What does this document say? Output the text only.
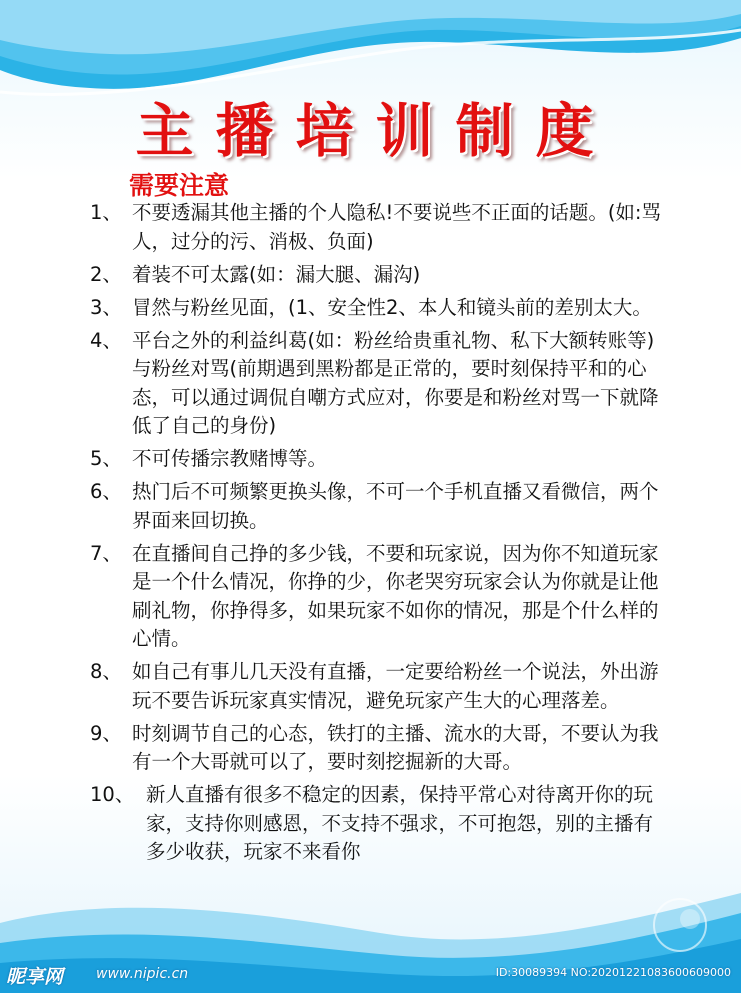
主播培训制度
需要注意
1、 不要透漏其他主播的个人隐私!不要说些不正面的话题。(如:骂人，过分的污、消极、负面)
2、 着装不可太露(如：漏大腿、漏沟)
3、 冒然与粉丝见面，(1、安全性2、本人和镜头前的差别太大。
4、 平台之外的利益纠葛(如：粉丝给贵重礼物、私下大额转账等)与粉丝对骂(前期遇到黑粉都是正常的，要时刻保持平和的心态，可以通过调侃自嘲方式应对，你要是和粉丝对骂一下就降低了自己的身份)
5、 不可传播宗教赌博等。
6、 热门后不可频繁更换头像，不可一个手机直播又看微信，两个界面来回切换。
7、 在直播间自己挣的多少钱，不要和玩家说，因为你不知道玩家是一个什么情况，你挣的少，你老哭穷玩家会认为你就是让他刷礼物，你挣得多，如果玩家不如你的情况，那是个什么样的心情。
8、 如自己有事儿几天没有直播，一定要给粉丝一个说法，外出游玩不要告诉玩家真实情况，避免玩家产生大的心理落差。
9、 时刻调节自己的心态，铁打的主播、流水的大哥，不要认为我有一个大哥就可以了，要时刻挖掘新的大哥。
10、 新人直播有很多不稳定的因素，保持平常心对待离开你的玩家，支持你则感恩，不支持不强求，不可抱怨，别的主播有多少收获，玩家不来看你
昵享网 www.nipic.cn	ID:30089394 NO:20201221083600609000
